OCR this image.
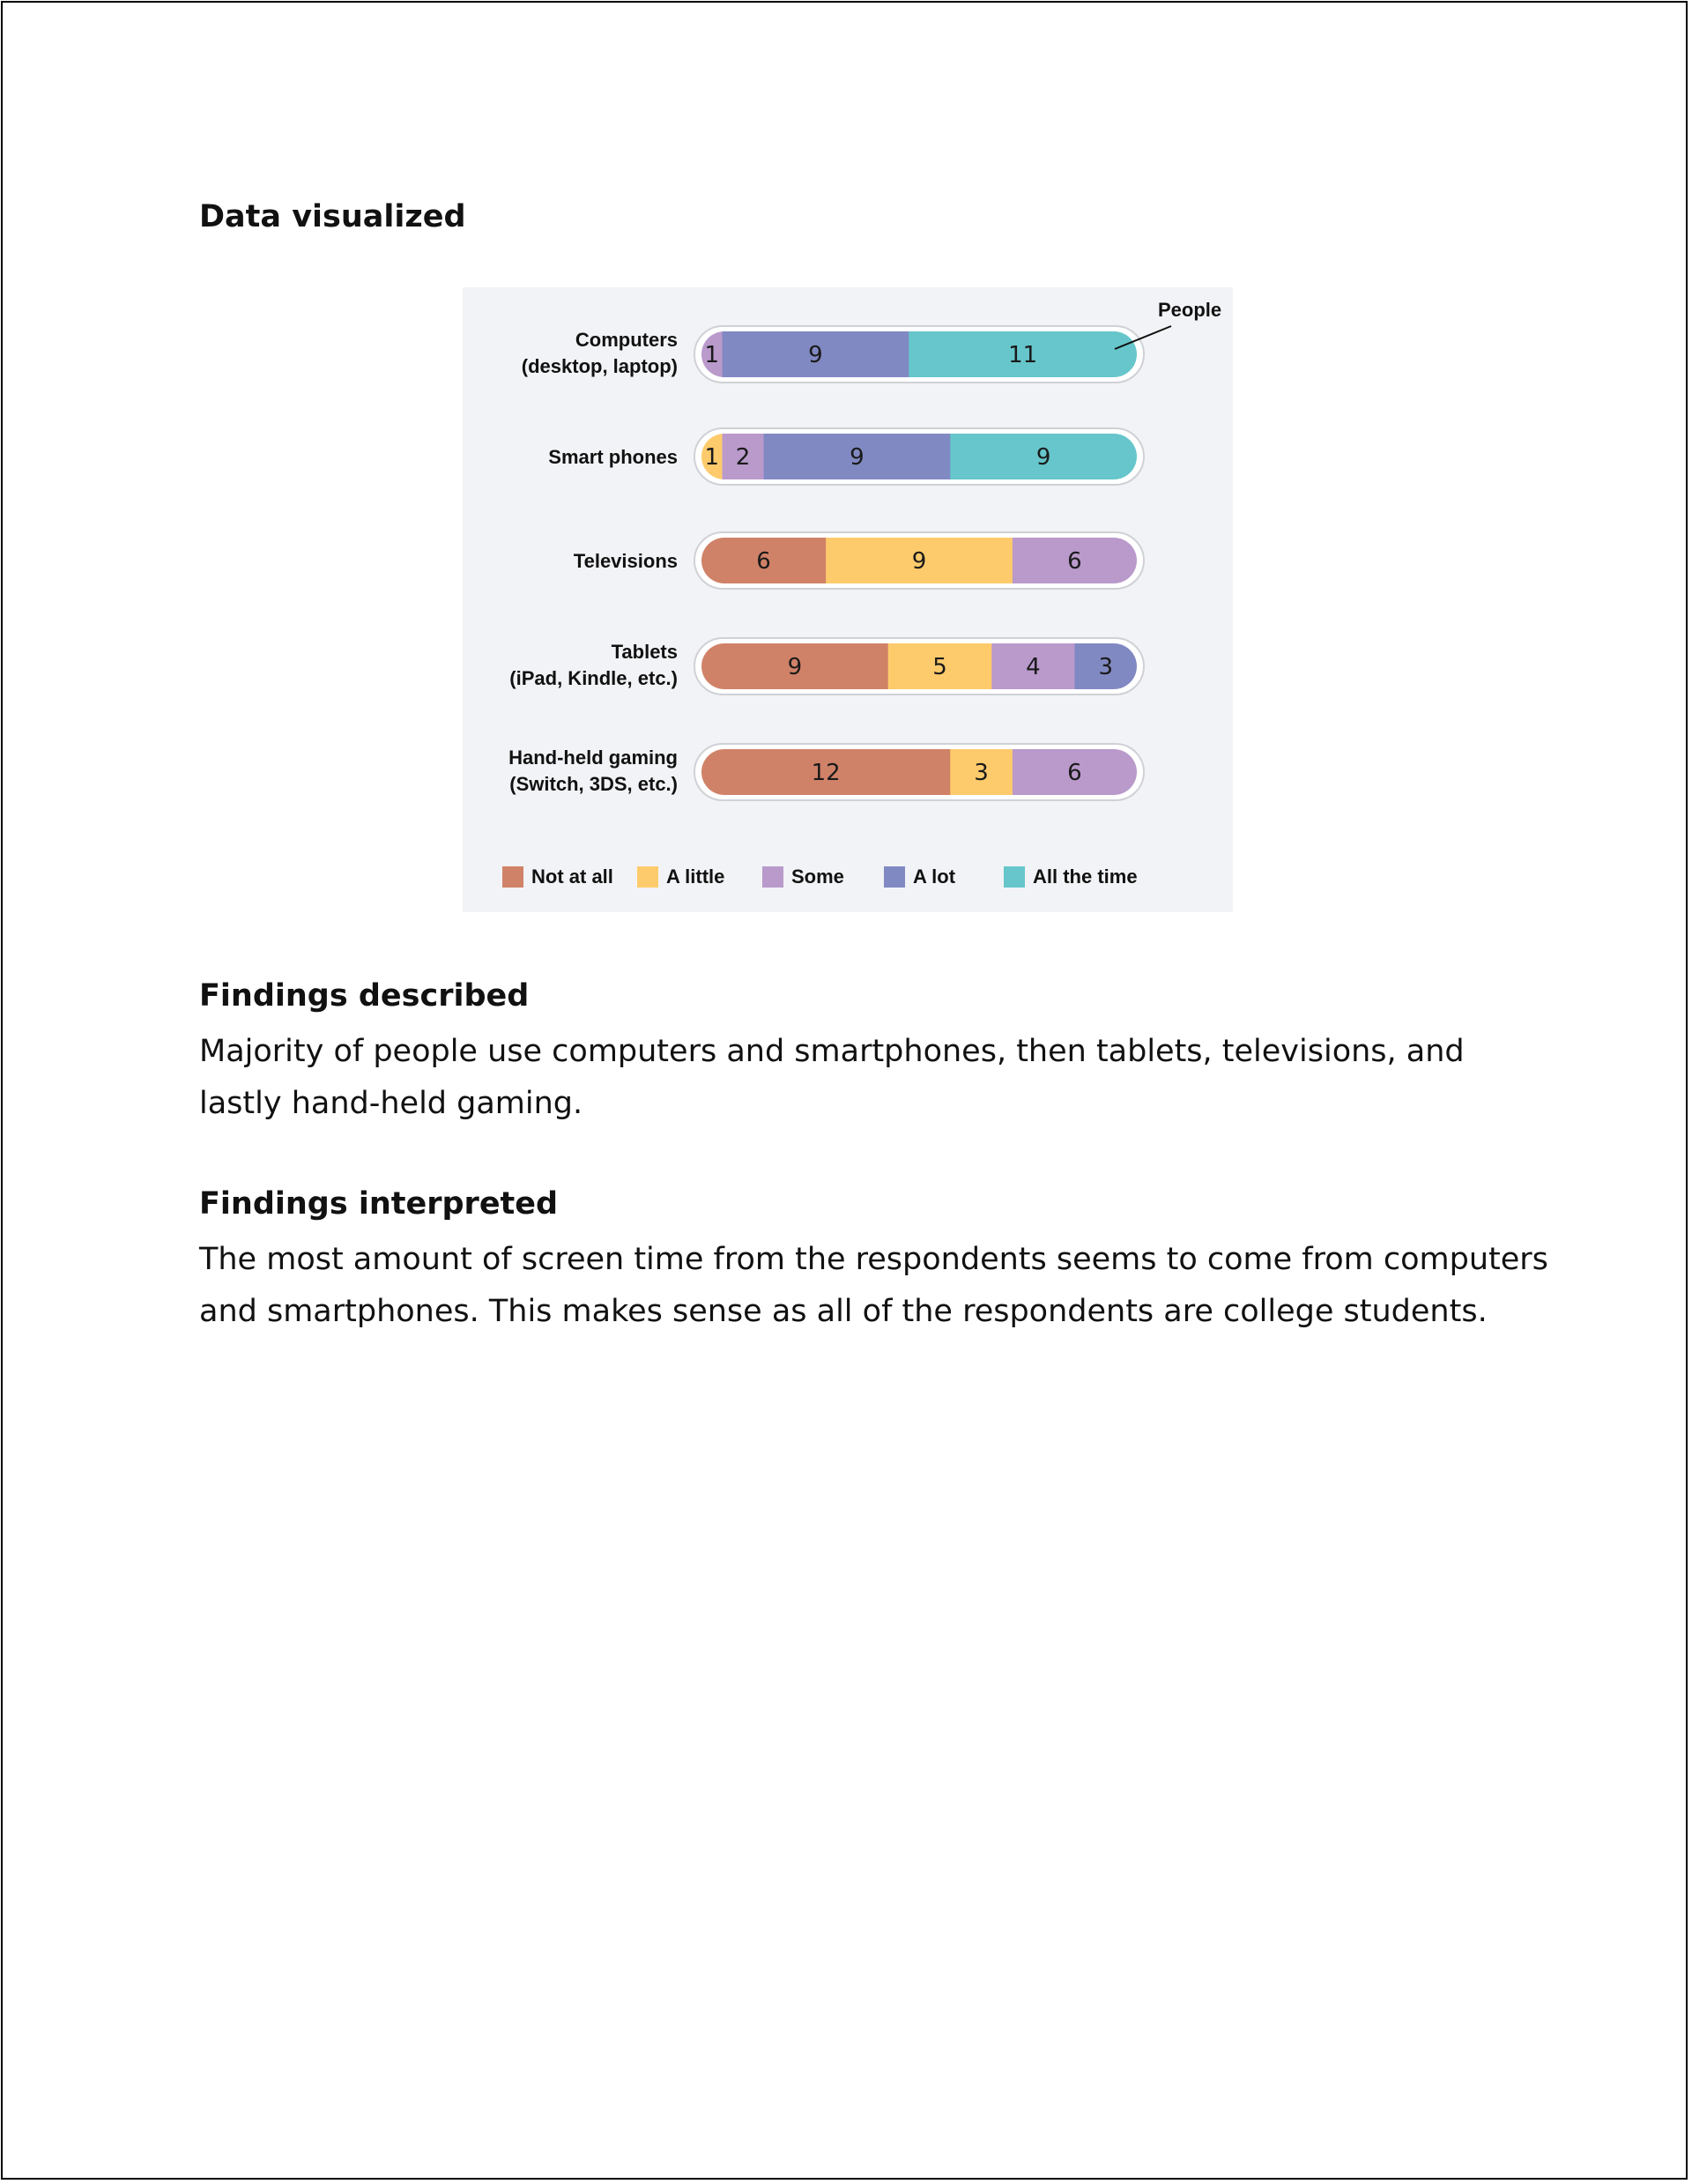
Data visualized
1	9	11
Computers
(desktop, laptop)
1 2	9	9
Smart phones
6	9	6
Televisions
9	5	4	3
Tablets
(iPad, Kindle, etc.)
12	3	6
Hand-held gaming
(Switch, 3DS, etc.)
People
Not at all	A little	Some	A lot	All the time
Findings described

Majority of people use computers and smartphones, then tablets, televisions, and lastly hand-held gaming.

Findings interpreted

The most amount of screen time from the respondents seems to come from computers and smartphones. This makes sense as all of the respondents are college students.
